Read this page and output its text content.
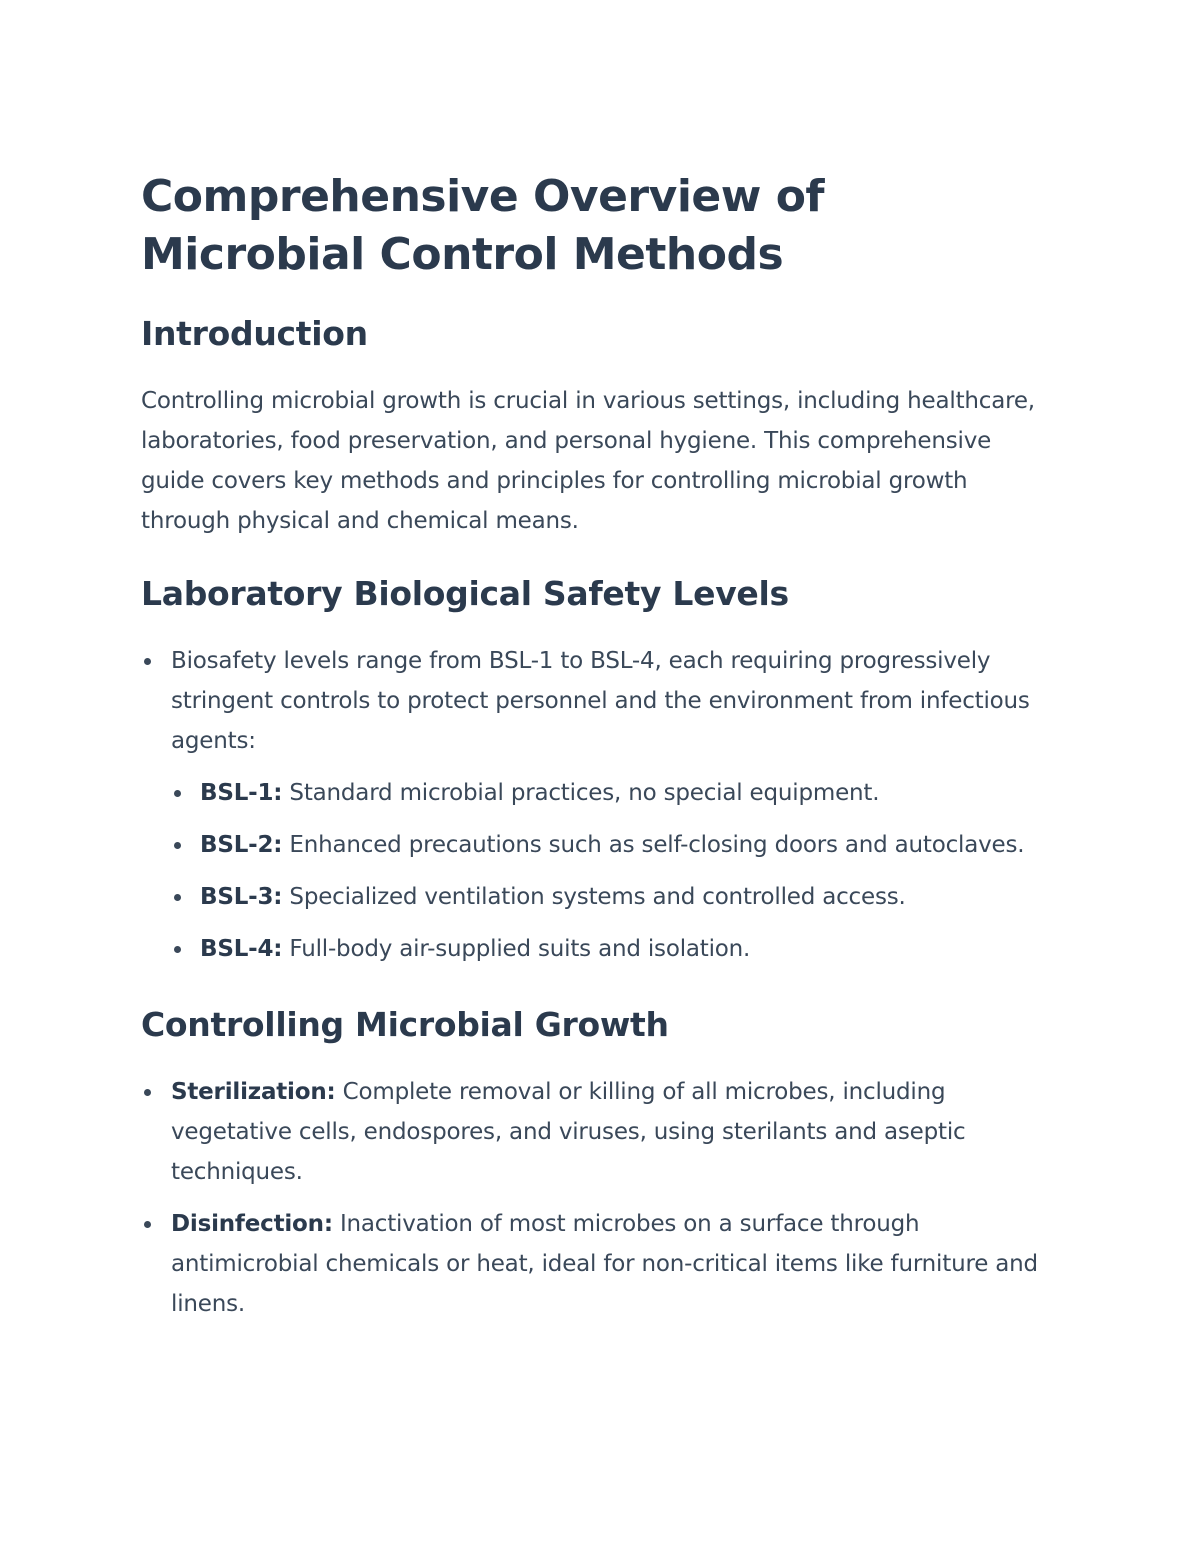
Comprehensive Overview of Microbial Control Methods
Introduction

Controlling microbial growth is crucial in various settings, including healthcare, laboratories, food preservation, and personal hygiene. This comprehensive guide covers key methods and principles for controlling microbial growth through physical and chemical means.

Laboratory Biological Safety Levels
Biosafety levels range from BSL-1 to BSL-4, each requiring progressively stringent controls to protect personnel and the environment from infectious agents:
BSL-1: Standard microbial practices, no special equipment.
BSL-2: Enhanced precautions such as self-closing doors and autoclaves.
BSL-3: Specialized ventilation systems and controlled access.
BSL-4: Full-body air-supplied suits and isolation.
Controlling Microbial Growth
Sterilization: Complete removal or killing of all microbes, including vegetative cells, endospores, and viruses, using sterilants and aseptic techniques.
Disinfection: Inactivation of most microbes on a surface through antimicrobial chemicals or heat, ideal for non-critical items like furniture and linens.
